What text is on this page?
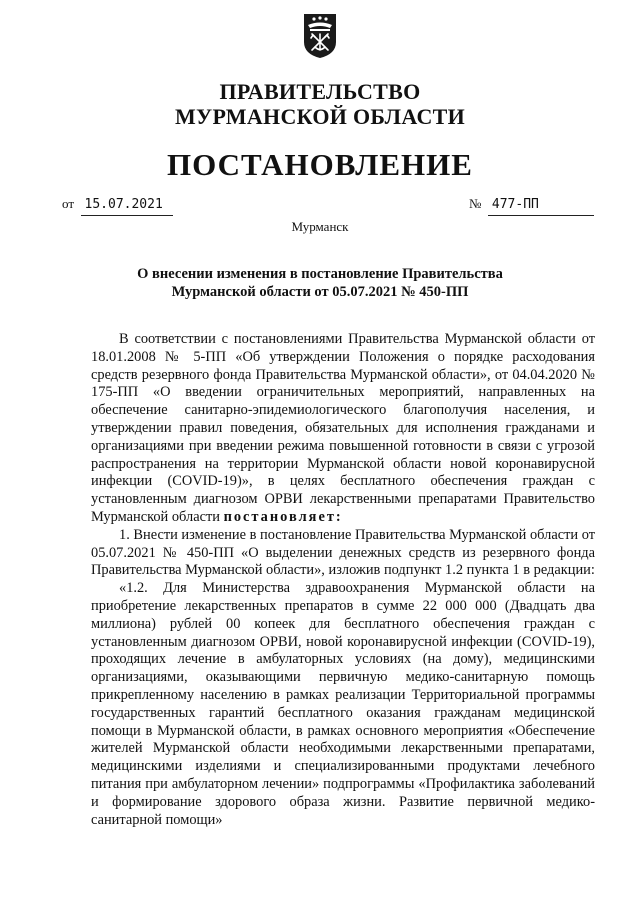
ПРАВИТЕЛЬСТВО
МУРМАНСКОЙ ОБЛАСТИ
ПОСТАНОВЛЕНИЕ
от 15.07.2021	№ 477-ПП
Мурманск
О внесении изменения в постановление Правительства
Мурманской области от 05.07.2021 № 450-ПП

В соответствии с постановлениями Правительства Мурманской области от 18.01.2008 № 5-ПП «Об утверждении Положения о порядке расходования средств резервного фонда Правительства Мурманской области», от 04.04.2020 № 175-ПП «О введении ограничительных мероприятий, направленных на обеспечение санитарно-эпидемиологического благополучия населения, и утверждении правил поведения, обязательных для исполнения гражданами и организациями при введении режима повышенной готовности в связи с угрозой распространения на территории Мурманской области новой коронавирусной инфекции (COVID-19)», в целях бесплатного обеспечения граждан с установленным диагнозом ОРВИ лекарственными препаратами Правительство Мурманской области постановляет:

1. Внести изменение в постановление Правительства Мурманской области от 05.07.2021 № 450-ПП «О выделении денежных средств из резервного фонда Правительства Мурманской области», изложив подпункт 1.2 пункта 1 в редакции:

«1.2. Для Министерства здравоохранения Мурманской области на приобретение лекарственных препаратов в сумме 22 000 000 (Двадцать два миллиона) рублей 00 копеек для бесплатного обеспечения граждан с установленным диагнозом ОРВИ, новой коронавирусной инфекции (COVID-19), проходящих лечение в амбулаторных условиях (на дому), медицинскими организациями, оказывающими первичную медико-санитарную помощь прикрепленному населению в рамках реализации Территориальной программы государственных гарантий бесплатного оказания гражданам медицинской помощи в Мурманской области, в рамках основного мероприятия «Обеспечение жителей Мурманской области необходимыми лекарственными препаратами, медицинскими изделиями и специализированными продуктами лечебного питания при амбулаторном лечении» подпрограммы «Профилактика заболеваний и формирование здорового образа жизни. Развитие первичной медико-санитарной помощи»
